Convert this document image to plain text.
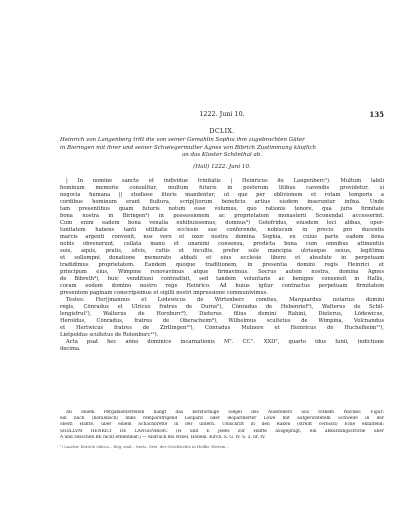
1222. Juni 10.	135
DCLIX.
Heinrich von Langenberg tritt die von seiner Gemahlin Sophia ihm zugebrachten Güter
in Bieringen mit ihrer und seiner Schwiegermutter Agnes von Bibrich Zustimmung käuflich
an das Kloster Schönthal ab.
(Hall) 1222. Juni 10.
| In nomine sancte et individue trinitatis | Heinricus de Langenberc¹). Multum labili
hominum memorie consulitur, multum futuris in posterum litibus cavendis providetur, si
negocia humana || studiose literis mandentur, ut que per oblivionem et rotam temporis a
cordibus hominum erant fluitura, scrip||torum beneficio artius eisdem inseruntur infixa. Unde
tam presentibus quam futuris notum esse volumus, quo rationis tenore, qua juris firmitate
bona nostra in Biringen²) in possessionem ac proprietatem monasterii Sconendal accesserint.
Cum enim eadem bona venalia exhibuissemus, domnus³) Gotefridus, eiusdem loci abbas, opor-
tunitatem habens tanti utilitatis ecclesie sue conferende, nobiscum in precio pro ducentis
marcis argenti convenit, nos vero et uxor nostra domina Sophia, ex cuius parte eadem bona
nobis obvenerunt, collata manu et unanimi consensu, predicta bona cum omnibus attinentiis
suis, aquis, pratis, silvis, cultis et incultis, prefer solo mancipia utriusque sexus, legittima
et sollempni donatione memorato abbati et eius ecclesie libere et absolute in perpetuam
tradidimus proprietatem. Eandem quoque traditionem, in presentia domini regis Heinrici et
principum eius, Wimpine renovavimus atque firmavimus. Socrus autem nostra, domina Agnes
de Bibreth⁴), huic venditioni contradixit, sed tandem voluntarie ac benigne consensit in Hallis,
coram eodem domino nostro rege Heinrico. Ad huius igitur contractus perpetuam firmitatem
presentem paginam conscripsimus et sigilli nostri impressione communivimus.
Testes: Her||mannus et Lodewicus de Wirtenberc comites, Marquardus notarius domini
regis, Cônradus et Ulricus fratres de Durne⁵), Cônradus de Hebenriet⁶), Walterus de Schil-
lengisfrut⁷), Walterus de Horoburc⁸), Dieterus filius domini Rahini, Dieterus, Lödewicus,
Heroldus, Cônradus, fratres de Oberacheim⁹), Wilhelmus scultetus de Wimpina, Volcnandus
et Hertwicus fratres de Zirtlingen¹⁰), Cônradus Mulnere et Heinricus de Huchelheim¹¹),
Lietpoldus scultetus de Rotenburc¹²).
Acta psat hec anno dominice incarnationis M°. CC°. XXII°, quarto idus Iunii, indictione
decima.
An einem Pergamentstreifen hängt das herzförmige Siegel des Ausstellers aus rothem Wachse; Figur:
ein nach (heraldisch) links remporstrigend Leopard oder leopardierter Löwe mit aufgerichtetem Schweife in der
obern Hälfte, über einem Schachbrette in der untern. Umschrift in den Raken (streift cerlisch) Ecke enfaltend:
SIGILLVM HENRICI DE LANGENBERC (H und E jedes zur Hälfte ausgeprägt, ein abkürzungsstriche über
A und zwischen BE nicht erkennbar.) — Abdruck bei Wibel, Hohenl. Kirch. S. G. IV, S. 5, nr. IV.
¹) Laschw. Kerrich vilicus... Reg. sind... hertz. Orte. der Geschlechts in Heilbr. Wirtem...
